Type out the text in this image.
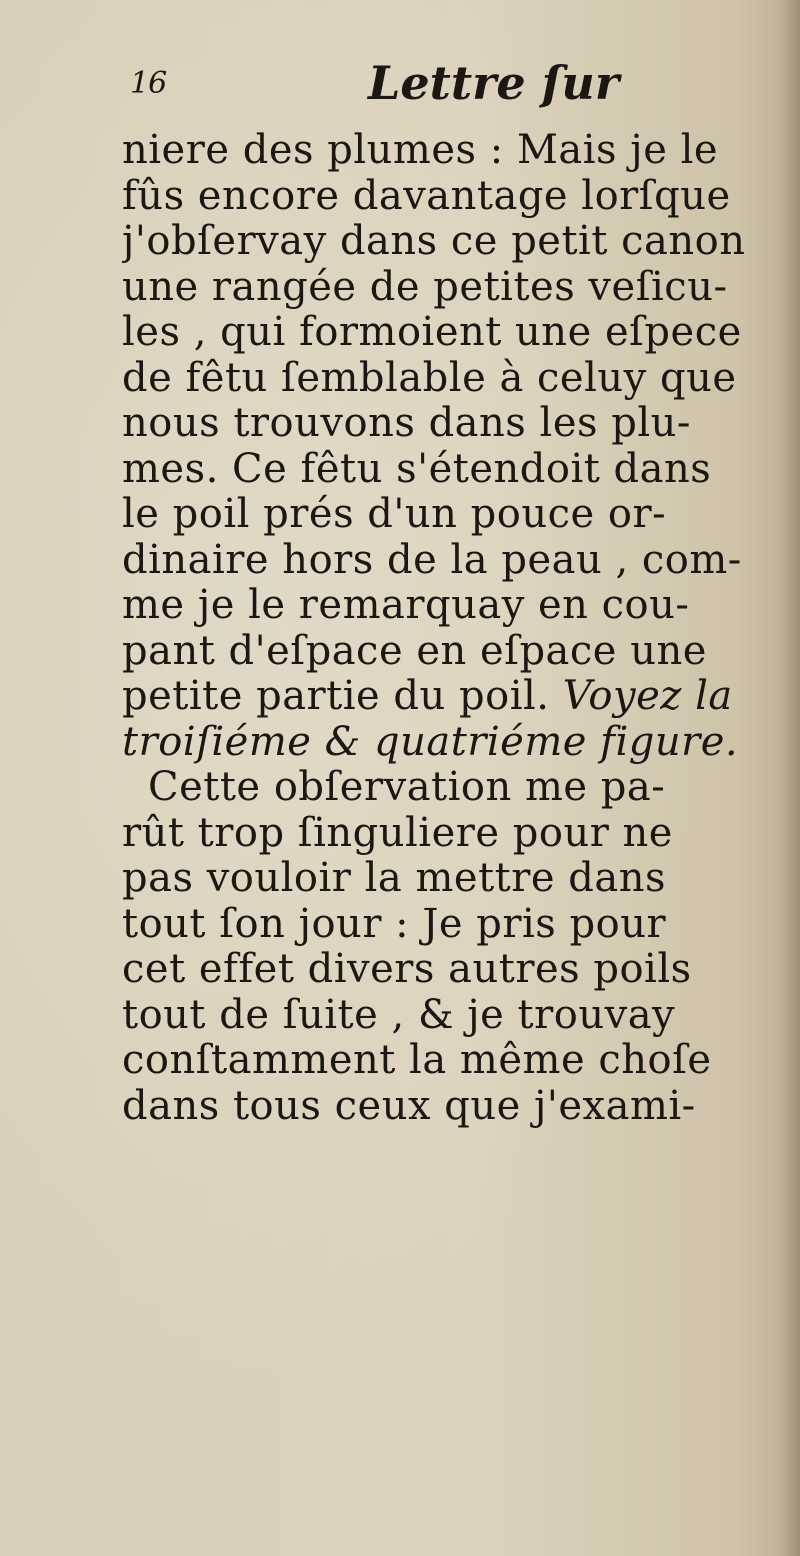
16	Lettre ſur
niere des plumes : Mais je le
fûs encore davantage lorſque
j'obſervay dans ce petit canon
une rangée de petites veſicu-
les , qui formoient une eſpece
de fêtu ſemblable à celuy que
nous trouvons dans les plu-
mes. Ce fêtu s'étendoit dans
le poil prés d'un pouce or-
dinaire hors de la peau , com-
me je le remarquay en cou-
pant d'eſpace en eſpace une
petite partie du poil. Voyez la
troiſiéme & quatriéme figure.
Cette obſervation me pa-
rût trop ſinguliere pour ne
pas vouloir la mettre dans
tout ſon jour : Je pris pour
cet effet divers autres poils
tout de ſuite , & je trouvay
conſtamment la même choſe
dans tous ceux que j'exami-
